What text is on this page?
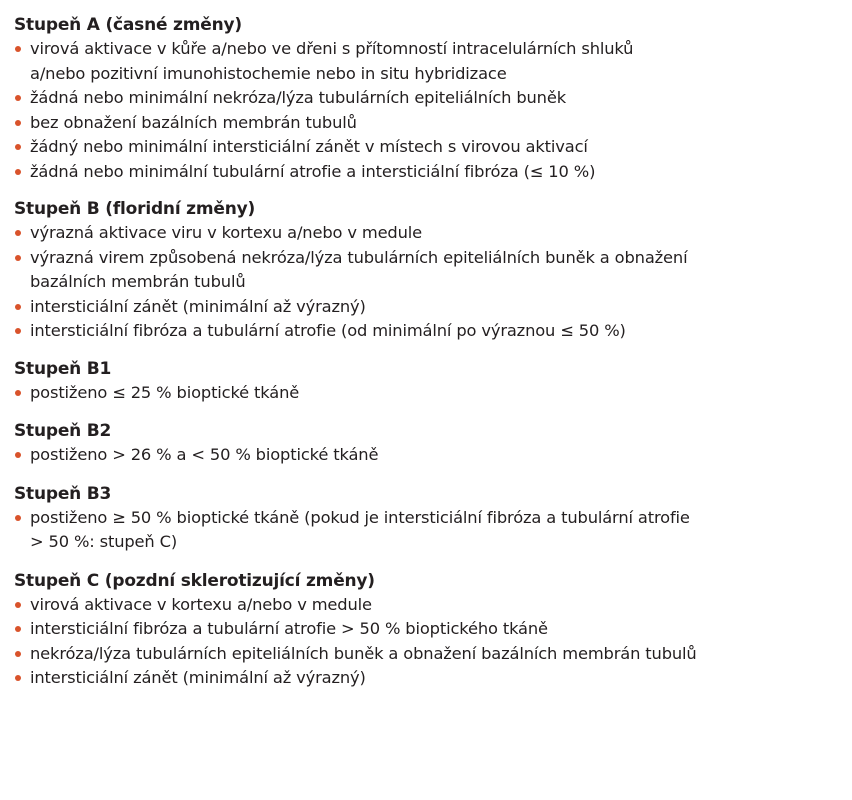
Stupeň A (časné změny)

virová aktivace v kůře a/nebo ve dřeni s přítomností intracelulárních shluků
a/nebo pozitivní imunohistochemie nebo in situ hybridizace
žádná nebo minimální nekróza/lýza tubulárních epiteliálních buněk
bez obnažení bazálních membrán tubulů
žádný nebo minimální intersticiální zánět v místech s virovou aktivací
žádná nebo minimální tubulární atrofie a intersticiální fibróza (≤ 10 %)

Stupeň B (floridní změny)

výrazná aktivace viru v kortexu a/nebo v medule
výrazná virem způsobená nekróza/lýza tubulárních epiteliálních buněk a obnažení
bazálních membrán tubulů
intersticiální zánět (minimální až výrazný)
intersticiální fibróza a tubulární atrofie (od minimální po výraznou ≤ 50 %)

Stupeň B1

postiženo ≤ 25 % bioptické tkáně

Stupeň B2

postiženo > 26 % a < 50 % bioptické tkáně

Stupeň B3

postiženo ≥ 50 % bioptické tkáně (pokud je intersticiální fibróza a tubulární atrofie
> 50 %: stupeň C)

Stupeň C (pozdní sklerotizující změny)

virová aktivace v kortexu a/nebo v medule
intersticiální fibróza a tubulární atrofie > 50 % bioptického tkáně
nekróza/lýza tubulárních epiteliálních buněk a obnažení bazálních membrán tubulů
intersticiální zánět (minimální až výrazný)
